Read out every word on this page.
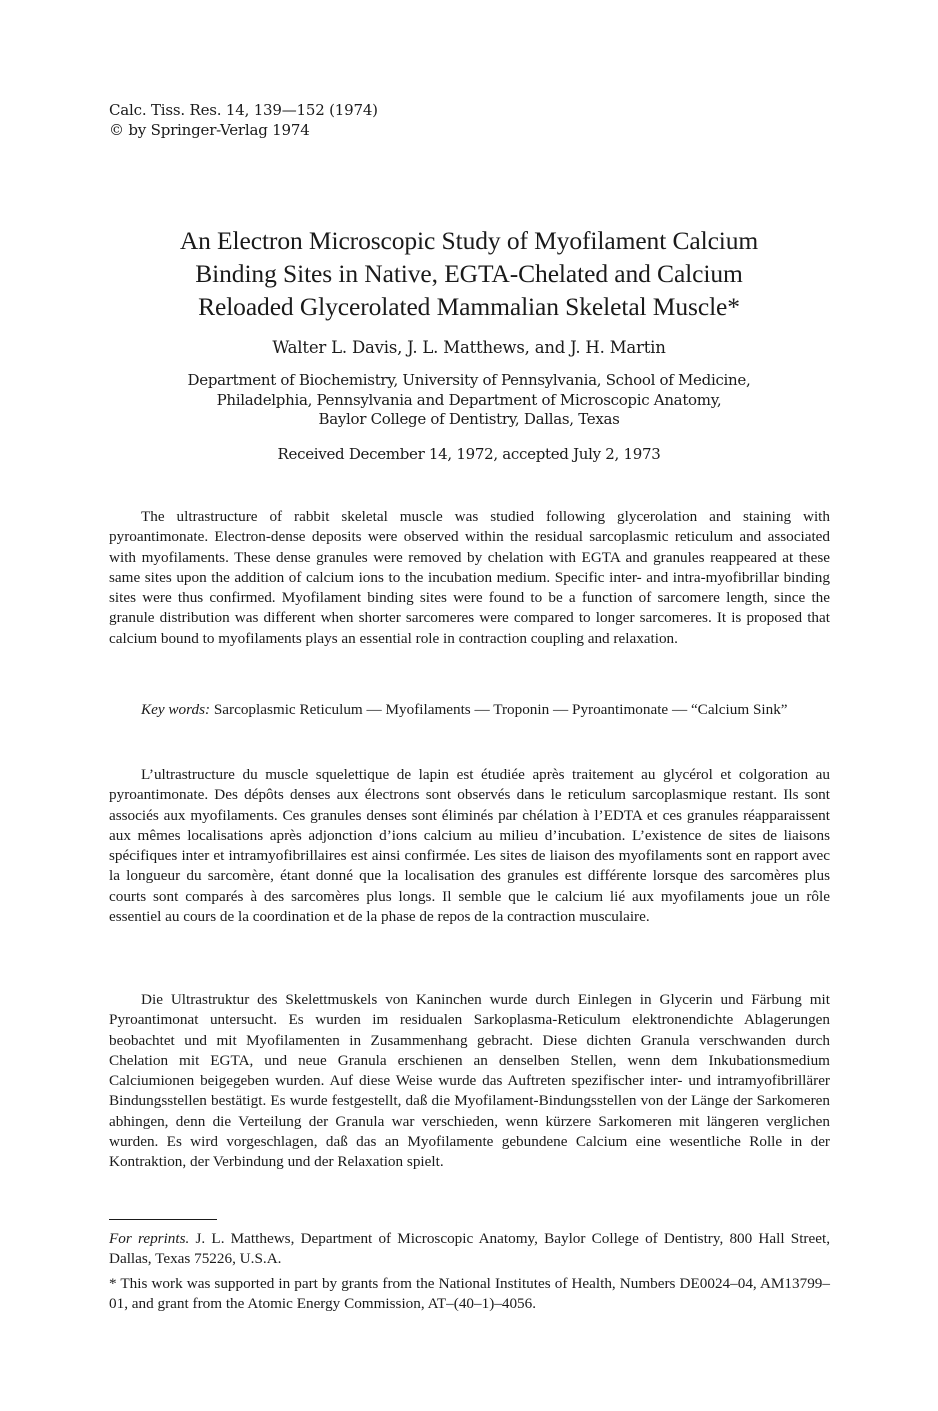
Calc. Tiss. Res. 14, 139—152 (1974)
© by Springer-Verlag 1974
An Electron Microscopic Study of Myofilament Calcium
Binding Sites in Native, EGTA-Chelated and Calcium
Reloaded Glycerolated Mammalian Skeletal Muscle*
Walter L. Davis, J. L. Matthews, and J. H. Martin
Department of Biochemistry, University of Pennsylvania, School of Medicine,
Philadelphia, Pennsylvania and Department of Microscopic Anatomy,
Baylor College of Dentistry, Dallas, Texas
Received December 14, 1972, accepted July 2, 1973

The ultrastructure of rabbit skeletal muscle was studied following glycerolation and staining with pyroantimonate. Electron-dense deposits were observed within the residual sarcoplasmic reticulum and associated with myofilaments. These dense granules were removed by chelation with EGTA and granules reappeared at these same sites upon the addition of calcium ions to the incubation medium. Specific inter- and intra-myofibrillar binding sites were thus confirmed. Myofilament binding sites were found to be a function of sarcomere length, since the granule distribution was different when shorter sarcomeres were compared to longer sarcomeres. It is proposed that calcium bound to myofilaments plays an essential role in contraction coupling and relaxation.

Key words: Sarcoplasmic Reticulum — Myofilaments — Troponin — Pyroantimonate — “Calcium Sink”

L’ultrastructure du muscle squelettique de lapin est étudiée après traitement au glycérol et colgoration au pyroantimonate. Des dépôts denses aux électrons sont observés dans le reticulum sarcoplasmique restant. Ils sont associés aux myofilaments. Ces granules denses sont éliminés par chélation à l’EDTA et ces granules réapparaissent aux mêmes localisations après adjonction d’ions calcium au milieu d’incubation. L’existence de sites de liaisons spécifiques inter et intramyofibrillaires est ainsi confirmée. Les sites de liaison des myofilaments sont en rapport avec la longueur du sarcomère, étant donné que la localisation des granules est différente lorsque des sarcomères plus courts sont comparés à des sarcomères plus longs. Il semble que le calcium lié aux myofilaments joue un rôle essentiel au cours de la coordination et de la phase de repos de la contraction musculaire.

Die Ultrastruktur des Skelettmuskels von Kaninchen wurde durch Einlegen in Glycerin und Färbung mit Pyroantimonat untersucht. Es wurden im residualen Sarkoplasma-Reticulum elektronendichte Ablagerungen beobachtet und mit Myofilamenten in Zusammenhang gebracht. Diese dichten Granula verschwanden durch Chelation mit EGTA, und neue Granula erschienen an denselben Stellen, wenn dem Inkubationsmedium Calciumionen beigegeben wurden. Auf diese Weise wurde das Auftreten spezifischer inter- und intramyofibrillärer Bindungsstellen bestätigt. Es wurde festgestellt, daß die Myofilament-Bindungsstellen von der Länge der Sarkomeren abhingen, denn die Verteilung der Granula war verschieden, wenn kürzere Sarkomeren mit längeren verglichen wurden. Es wird vorgeschlagen, daß das an Myofilamente gebundene Calcium eine wesentliche Rolle in der Kontraktion, der Verbindung und der Relaxation spielt.

For reprints. J. L. Matthews, Department of Microscopic Anatomy, Baylor College of Dentistry, 800 Hall Street, Dallas, Texas 75226, U.S.A.

* This work was supported in part by grants from the National Institutes of Health, Numbers DE0024–04, AM13799–01, and grant from the Atomic Energy Commission, AT–(40–1)–4056.
